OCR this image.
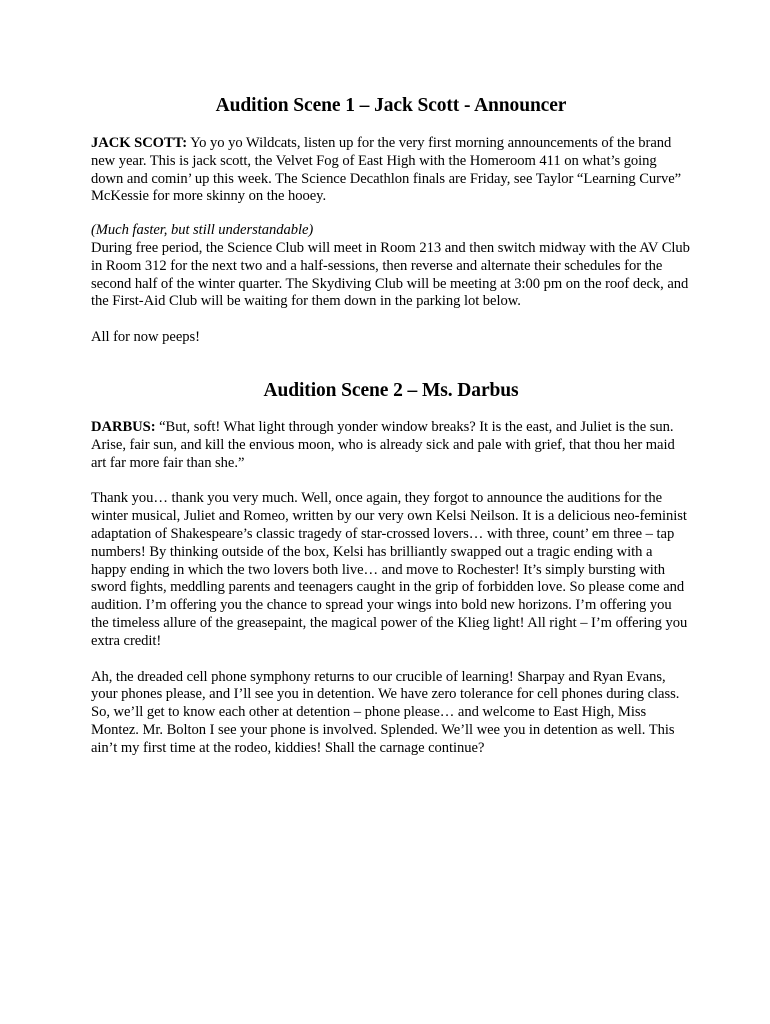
Audition Scene 1 – Jack Scott - Announcer

JACK SCOTT: Yo yo yo Wildcats, listen up for the very first morning announcements of the brand new year. This is jack scott, the Velvet Fog of East High with the Homeroom 411 on what’s going down and comin’ up this week. The Science Decathlon finals are Friday, see Taylor “Learning Curve” McKessie for more skinny on the hooey.

(Much faster, but still understandable)

During free period, the Science Club will meet in Room 213 and then switch midway with the AV Club in Room 312 for the next two and a half-sessions, then reverse and alternate their schedules for the second half of the winter quarter. The Skydiving Club will be meeting at 3:00 pm on the roof deck, and the First-Aid Club will be waiting for them down in the parking lot below.

All for now peeps!

Audition Scene 2 – Ms. Darbus

DARBUS: “But, soft! What light through yonder window breaks? It is the east, and Juliet is the sun. Arise, fair sun, and kill the envious moon, who is already sick and pale with grief, that thou her maid art far more fair than she.”

Thank you… thank you very much. Well, once again, they forgot to announce the auditions for the winter musical, Juliet and Romeo, written by our very own Kelsi Neilson. It is a delicious neo-feminist adaptation of Shakespeare’s classic tragedy of star-crossed lovers… with three, count’ em three – tap numbers! By thinking outside of the box, Kelsi has brilliantly swapped out a tragic ending with a happy ending in which the two lovers both live… and move to Rochester! It’s simply bursting with sword fights, meddling parents and teenagers caught in the grip of forbidden love. So please come and audition. I’m offering you the chance to spread your wings into bold new horizons. I’m offering you the timeless allure of the greasepaint, the magical power of the Klieg light! All right – I’m offering you extra credit!

Ah, the dreaded cell phone symphony returns to our crucible of learning! Sharpay and Ryan Evans, your phones please, and I’ll see you in detention. We have zero tolerance for cell phones during class. So, we’ll get to know each other at detention – phone please… and welcome to East High, Miss Montez. Mr. Bolton I see your phone is involved. Splended. We’ll wee you in detention as well. This ain’t my first time at the rodeo, kiddies! Shall the carnage continue?
